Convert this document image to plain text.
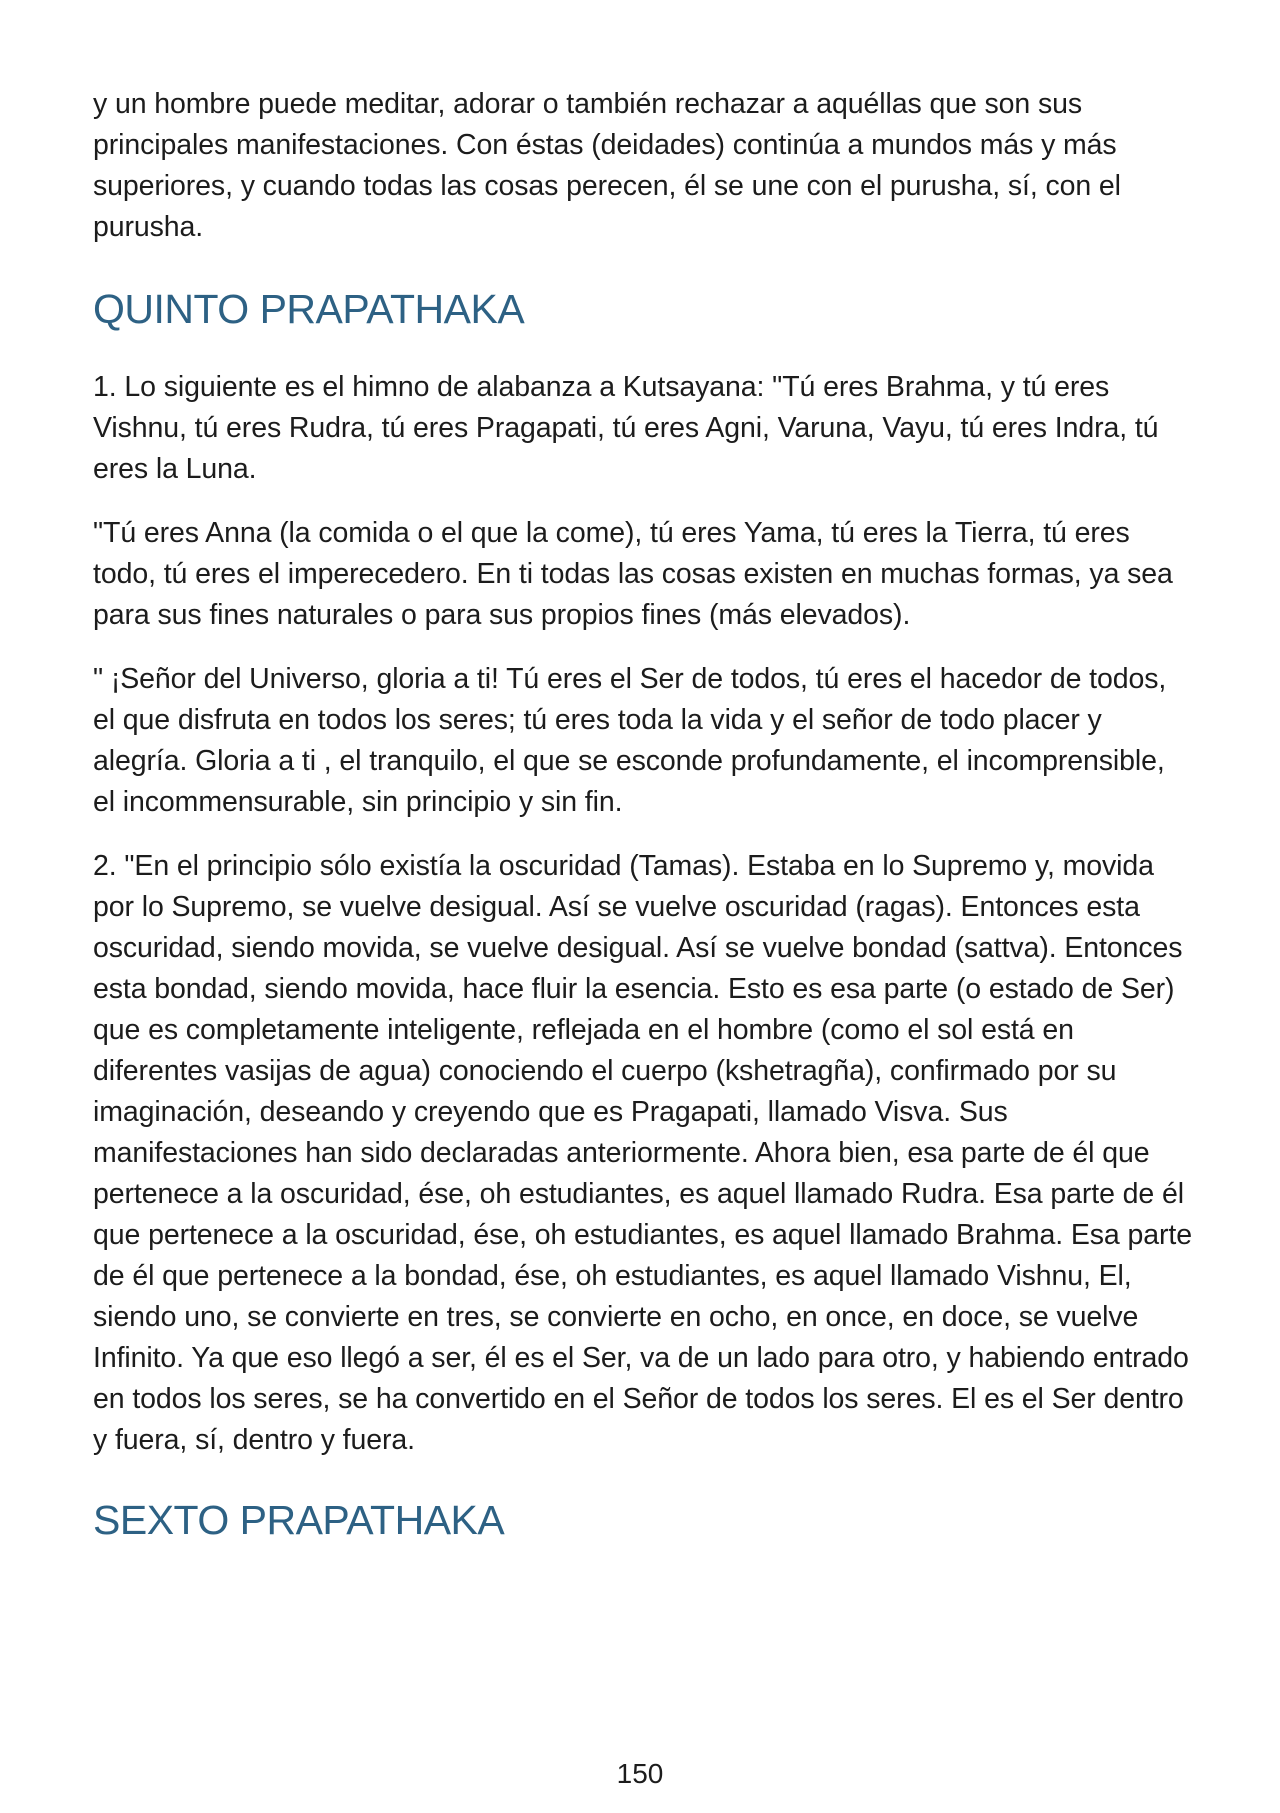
y un hombre puede meditar, adorar o también rechazar a aquéllas que son sus principales manifestaciones. Con éstas (deidades) continúa a mundos más y más superiores, y cuando todas las cosas perecen, él se une con el purusha, sí, con el purusha.

QUINTO PRAPATHAKA

1. Lo siguiente es el himno de alabanza a Kutsayana: "Tú eres Brahma, y tú eres Vishnu, tú eres Rudra, tú eres Pragapati, tú eres Agni, Varuna, Vayu, tú eres Indra, tú eres la Luna.

"Tú eres Anna (la comida o el que la come), tú eres Yama, tú eres la Tierra, tú eres todo, tú eres el imperecedero. En ti todas las cosas existen en muchas formas, ya sea para sus fines naturales o para sus propios fines (más elevados).

" ¡Señor del Universo, gloria a ti! Tú eres el Ser de todos, tú eres el hacedor de todos, el que disfruta en todos los seres; tú eres toda la vida y el señor de todo placer y alegría. Gloria a ti , el tranquilo, el que se esconde profundamente, el incomprensible, el incommensurable, sin principio y sin fin.

2. "En el principio sólo existía la oscuridad (Tamas). Estaba en lo Supremo y, movida por lo Supremo, se vuelve desigual. Así se vuelve oscuridad (ragas). Entonces esta oscuridad, siendo movida, se vuelve desigual. Así se vuelve bondad (sattva). Entonces esta bondad, siendo movida, hace fluir la esencia. Esto es esa parte (o estado de Ser) que es completamente inteligente, reflejada en el hombre (como el sol está en diferentes vasijas de agua) conociendo el cuerpo (kshetragña), confirmado por su imaginación, deseando y creyendo que es Pragapati, llamado Visva. Sus manifestaciones han sido declaradas anteriormente. Ahora bien, esa parte de él que pertenece a la oscuridad, ése, oh estudiantes, es aquel llamado Rudra. Esa parte de él que pertenece a la oscuridad, ése, oh estudiantes, es aquel llamado Brahma. Esa parte de él que pertenece a la bondad, ése, oh estudiantes, es aquel llamado Vishnu, El, siendo uno, se convierte en tres, se convierte en ocho, en once, en doce, se vuelve Infinito. Ya que eso llegó a ser, él es el Ser, va de un lado para otro, y habiendo entrado en todos los seres, se ha convertido en el Señor de todos los seres. El es el Ser dentro y fuera, sí, dentro y fuera.

SEXTO PRAPATHAKA
150
